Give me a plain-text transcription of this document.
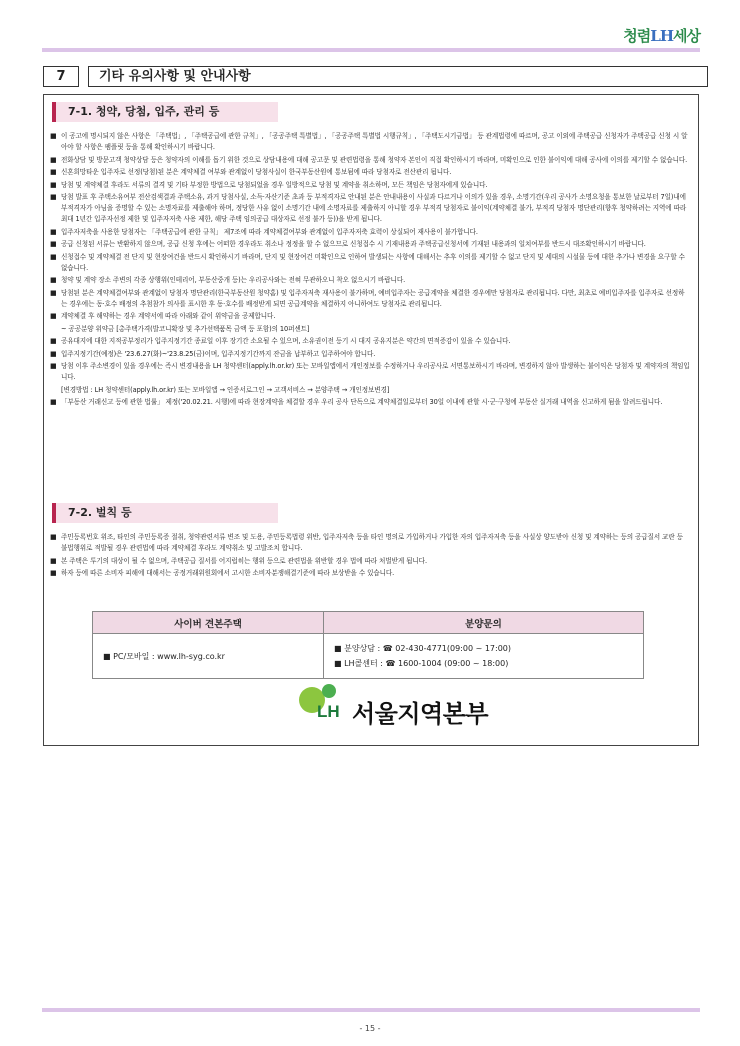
청렴LH세상
7	기타 유의사항 및 안내사항
7-1. 청약, 당첨, 입주, 관리 등
■ 이 공고에 명시되지 않은 사항은 「주택법」, 「주택공급에 관한 규칙」, 「공공주택 특별법」, 「공공주택 특별법 시행규칙」, 「주택도시기금법」 등 관계법령에 따르며, 공고 이외에 주택공급 신청자가 주택공급 신청 시 알아야 할 사항은 팸플릿 등을 통해 확인하시기 바랍니다.
■ 전화상담 및 방문고객 청약상담 등은 청약자의 이해를 돕기 위한 것으로 상담내용에 대해 공고문 및 관련법령을 통해 청약자 본인이 직접 확인하시기 바라며, 미확인으로 인한 불이익에 대해 공사에 이의를 제기할 수 없습니다.
■ 신혼희망타운 입주자로 선정(당첨)된 분은 계약체결 여부와 관계없이 당첨사실이 한국부동산원에 통보됨에 따라 당첨자로 전산관리 됩니다.
■ 당첨 및 계약체결 후라도 서류의 결격 및 기타 부정한 방법으로 당첨되었을 경우 일방적으로 당첨 및 계약을 취소하며, 모든 책임은 당첨자에게 있습니다.
■ 당첨 발표 후 주택소유여부 전산검색결과 주택소유, 과거 당첨사실, 소득·자산기준 초과 등 부적격자로 안내된 분은 안내내용이 사실과 다르거나 이의가 있을 경우, 소명기간(우리 공사가 소명요청을 통보한 날로부터 7일)내에 부적격자가 아님을 증명할 수 있는 소명자료를 제출해야 하며, 정당한 사유 없이 소명기간 내에 소명자료를 제출하지 아니할 경우 부적격 당첨자로 불이익(계약체결 불가, 부적격 당첨자 명단관리(향후 청약하려는 지역에 따라 최대 1년간 입주자선정 제한 및 입주자저축 사용 제한, 해당 주택 임의공급 대상자로 선정 불가 등))을 받게 됩니다.
■ 입주자저축을 사용한 당첨자는 「주택공급에 관한 규칙」 제7조에 따라 계약체결여부와 관계없이 입주자저축 효력이 상실되어 재사용이 불가합니다.
■ 공급 신청된 서류는 반환하지 않으며, 공급 신청 후에는 어떠한 경우라도 취소나 정정을 할 수 없으므로 신청접수 시 기재내용과 주택공급신청서에 기재된 내용과의 일치여부를 반드시 대조확인하시기 바랍니다.
■ 신청접수 및 계약체결 전 단지 및 현장여건을 반드시 확인하시기 바라며, 단지 및 현장여건 미확인으로 인하여 발생되는 사항에 대해서는 추후 이의를 제기할 수 없고 단지 및 세대의 시설물 등에 대한 추가나 변경을 요구할 수 없습니다.
■ 청약 및 계약 장소 주변의 각종 상행위(인테리어, 부동산중개 등)는 우리공사와는 전혀 무관하오니 착오 없으시기 바랍니다.
■ 당첨된 분은 계약체결여부와 관계없이 당첨자 명단관리(한국부동산원 청약홈) 및 입주자저축 재사용이 불가하며, 예비입주자는 공급계약을 체결한 경우에만 당첨자로 관리됩니다. 다만, 최초로 예비입주자를 입주자로 선정하는 경우에는 동·호수 배정의 추첨참가 의사를 표시한 후 동·호수를 배정받게 되면 공급계약을 체결하지 아니하여도 당첨자로 관리됩니다.
■ 계약체결 후 해약하는 경우 계약서에 따라 아래와 같이 위약금을 공제합니다.
~ 공공분양 위약금 [총주택가격(발코니확장 및 추가선택품목 금액 등 포함)의 10퍼센트]
■ 공유대지에 대한 지적공부정리가 입주지정기간 종료일 이후 장기간 소요될 수 있으며, 소유권이전 등기 시 대지 공유지분은 약간의 면적증감이 있을 수 있습니다.
■ 입주지정기간(예정)은 '23.6.27(화)~'23.8.25(금)이며, 입주지정기간까지 잔금을 납부하고 입주하여야 합니다.
■ 당첨 이후 주소변경이 있을 경우에는 즉시 변경내용을 LH 청약센터(apply.lh.or.kr) 또는 모바일앱에서 개인정보를 수정하거나 우리공사로 서면통보하시기 바라며, 변경하지 않아 발생하는 불이익은 당첨자 및 계약자의 책임입니다.
[변경방법 : LH 청약센터(apply.lh.or.kr) 또는 모바일앱 → 인증서로그인 → 고객서비스 → 분양주택 → 개인정보변경]
■ 「부동산 거래신고 등에 관한 법률」 제정('20.02.21. 시행)에 따라 현장계약을 체결할 경우 우리 공사 단독으로 계약체결일로부터 30일 이내에 관할 시·군·구청에 부동산 실거래 내역을 신고하게 됨을 알려드립니다.
7-2. 벌칙 등
■ 주민등록번호 위조, 타인의 주민등록증 절취, 청약관련서류 변조 및 도용, 주민등록법령 위반, 입주자저축 등을 타인 명의로 가입하거나 가입한 자의 입주자저축 등을 사실상 양도받아 신청 및 계약하는 등의 공급질서 교란 등 불법행위로 적발될 경우 관련법에 따라 계약체결 후라도 계약취소 및 고발조치 합니다.
■ 본 주택은 투기의 대상이 될 수 없으며, 주택공급 질서를 어지럽히는 행위 등으로 관련법을 위반할 경우 법에 따라 처벌받게 됩니다.
■ 하자 등에 따른 소비자 피해에 대해서는 공정거래위원회에서 고시한 소비자분쟁해결기준에 따라 보상받을 수 있습니다.
사이버 견본주택	분양문의
■ PC/모바일 : www.lh-syg.co.kr	■ 분양상담 : ☎ 02-430-4771(09:00 ~ 17:00)
■ LH콜센터 : ☎ 1600-1004 (09:00 ~ 18:00)
LH 서울지역본부
- 15 -
